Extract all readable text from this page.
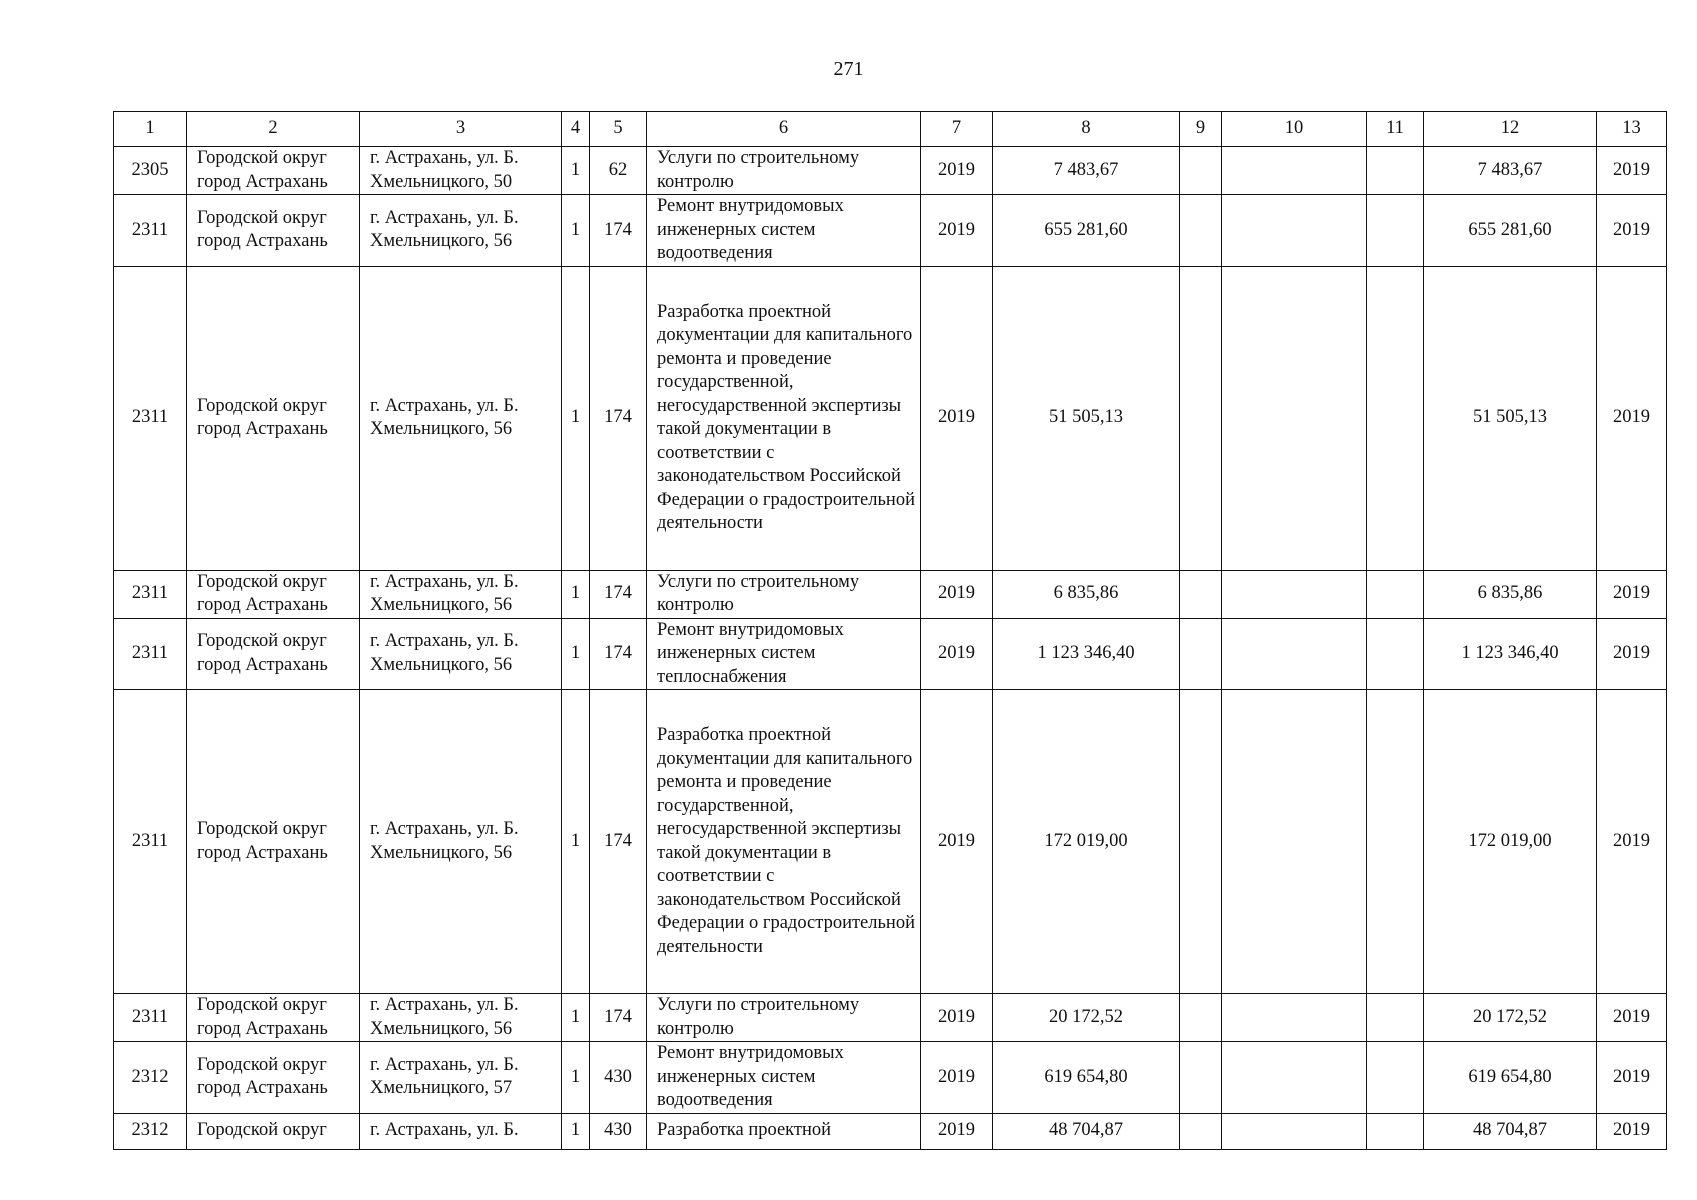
271
1	2	3	4	5	6	7	8	9	10	11	12	13
2305	Городской округ город Астрахань	г. Астрахань, ул. Б. Хмельницкого, 50	1	62	Услуги по строительному контролю	2019	7 483,67				7 483,67	2019
2311	Городской округ город Астрахань	г. Астрахань, ул. Б. Хмельницкого, 56	1	174	Ремонт внутридомовых инженерных систем водоотведения	2019	655 281,60				655 281,60	2019
2311	Городской округ город Астрахань	г. Астрахань, ул. Б. Хмельницкого, 56	1	174	Разработка проектной документации для капитального ремонта и проведение государственной, негосударственной экспертизы такой документации в соответствии с законодательством Российской Федерации о градостроительной деятельности	2019	51 505,13				51 505,13	2019
2311	Городской округ город Астрахань	г. Астрахань, ул. Б. Хмельницкого, 56	1	174	Услуги по строительному контролю	2019	6 835,86				6 835,86	2019
2311	Городской округ город Астрахань	г. Астрахань, ул. Б. Хмельницкого, 56	1	174	Ремонт внутридомовых инженерных систем теплоснабжения	2019	1 123 346,40				1 123 346,40	2019
2311	Городской округ город Астрахань	г. Астрахань, ул. Б. Хмельницкого, 56	1	174	Разработка проектной документации для капитального ремонта и проведение государственной, негосударственной экспертизы такой документации в соответствии с законодательством Российской Федерации о градостроительной деятельности	2019	172 019,00				172 019,00	2019
2311	Городской округ город Астрахань	г. Астрахань, ул. Б. Хмельницкого, 56	1	174	Услуги по строительному контролю	2019	20 172,52				20 172,52	2019
2312	Городской округ город Астрахань	г. Астрахань, ул. Б. Хмельницкого, 57	1	430	Ремонт внутридомовых инженерных систем водоотведения	2019	619 654,80				619 654,80	2019
2312	Городской округ	г. Астрахань, ул. Б.	1	430	Разработка проектной	2019	48 704,87				48 704,87	2019
